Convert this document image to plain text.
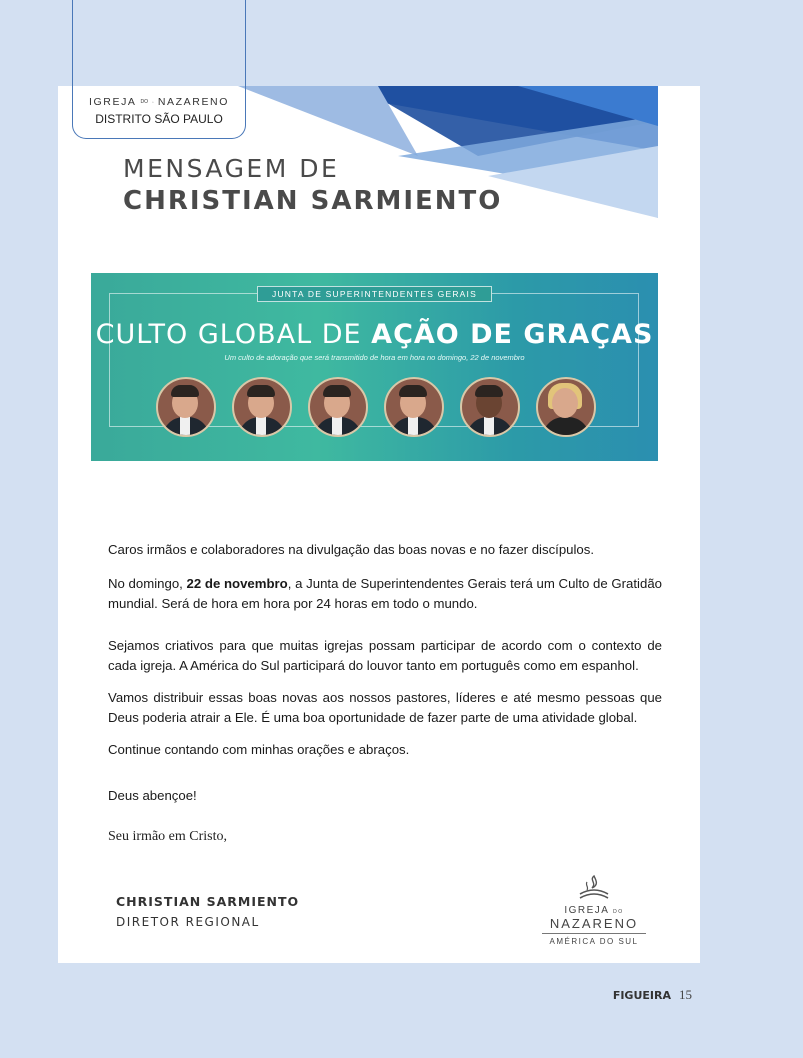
MENSAGEM DE
CHRISTIAN SARMIENTO
JUNTA DE SUPERINTENDENTES GERAIS
CULTO GLOBAL DE AÇÃO DE GRAÇAS
Um culto de adoração que será transmitido de hora em hora no domingo, 22 de novembro
Caros irmãos e colaboradores na divulgação das boas novas e no fazer discípulos.
No domingo, 22 de novembro, a Junta de Superintendentes Gerais terá um Culto de Gratidão mundial. Será de hora em hora por 24 horas em todo o mundo.
Sejamos criativos para que muitas igrejas possam participar de acordo com o contexto de cada igreja. A América do Sul participará do louvor tanto em português como em espanhol.
Vamos distribuir essas boas novas aos nossos pastores, líderes e até mesmo pessoas que Deus poderia atrair a Ele. É uma boa oportunidade de fazer parte de uma atividade global.
Continue contando com minhas orações e abraços.
Deus abençoe!
Seu irmão em Cristo,
CHRISTIAN SARMIENTO
DIRETOR REGIONAL
IGREJA DO
NAZARENO
AMÉRICA DO SUL
IGREJA DO NAZARENO
DISTRITO SÃO PAULO
FIGUEIRA 15
